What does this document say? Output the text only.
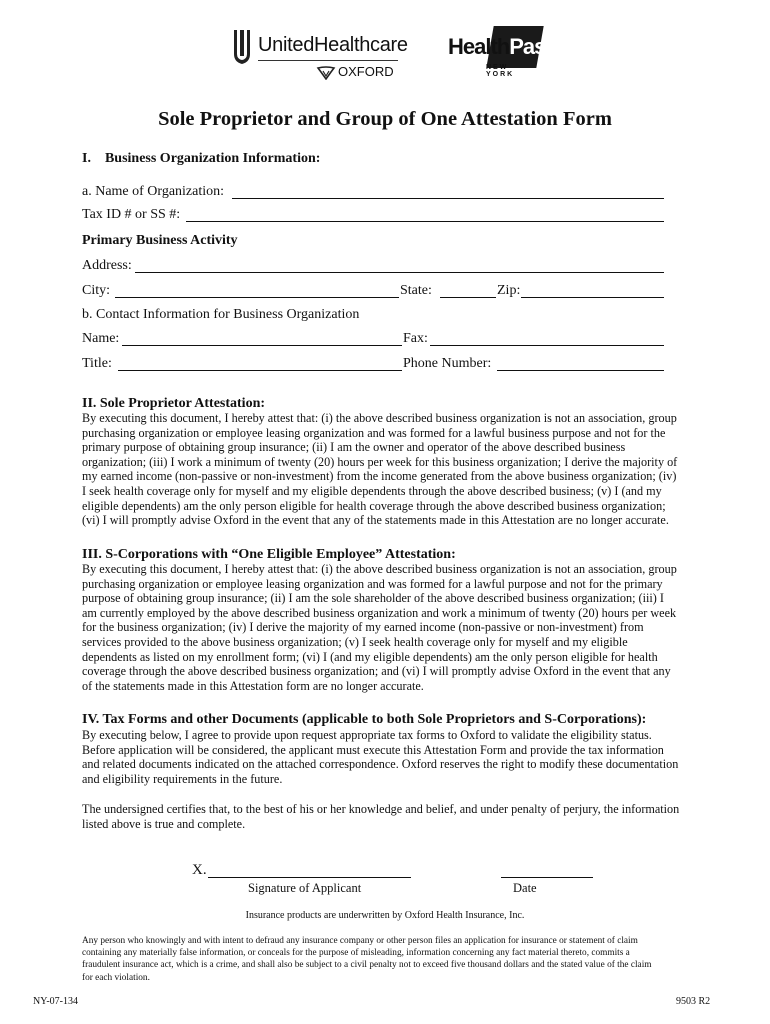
UnitedHealthcare
OXFORD
HealthPass
NEW YORK
Sole Proprietor and Group of One Attestation Form
I. Business Organization Information:
a. Name of Organization:
Tax ID # or SS #:
Primary Business Activity
Address:
City:	State:	Zip:
b. Contact Information for Business Organization
Name:	Fax:
Title:	Phone Number:
II. Sole Proprietor Attestation:
By executing this document, I hereby attest that: (i) the above described business organization is not an association, group
purchasing organization or employee leasing organization and was formed for a lawful business purpose and not for the
primary purpose of obtaining group insurance; (ii) I am the owner and operator of the above described business
organization; (iii) I work a minimum of twenty (20) hours per week for this business organization; I derive the majority of
my earned income (non-passive or non-investment) from the income generated from the above business organization; (iv)
I seek health coverage only for myself and my eligible dependents through the above described business; (v) I (and my
eligible dependents) am the only person eligible for health coverage through the above described business organization;
(vi) I will promptly advise Oxford in the event that any of the statements made in this Attestation are no longer accurate.
III. S-Corporations with “One Eligible Employee” Attestation:
By executing this document, I hereby attest that: (i) the above described business organization is not an association, group
purchasing organization or employee leasing organization and was formed for a lawful purpose and not for the primary
purpose of obtaining group insurance; (ii) I am the sole shareholder of the above described business organization; (iii) I
am currently employed by the above described business organization and work a minimum of twenty (20) hours per week
for the business organization; (iv) I derive the majority of my earned income (non-passive or non-investment) from
services provided to the above business organization; (v) I seek health coverage only for myself and my eligible
dependents as listed on my enrollment form; (vi) I (and my eligible dependents) am the only person eligible for health
coverage through the above described business organization; and (vi) I will promptly advise Oxford in the event that any
of the statements made in this Attestation form are no longer accurate.
IV. Tax Forms and other Documents (applicable to both Sole Proprietors and S-Corporations):
By executing below, I agree to provide upon request appropriate tax forms to Oxford to validate the eligibility status.
Before application will be considered, the applicant must execute this Attestation Form and provide the tax information
and related documents indicated on the attached correspondence. Oxford reserves the right to modify these documentation
and eligibility requirements in the future.
The undersigned certifies that, to the best of his or her knowledge and belief, and under penalty of perjury, the information
listed above is true and complete.
X.
Signature of Applicant	Date
Insurance products are underwritten by Oxford Health Insurance, Inc.
Any person who knowingly and with intent to defraud any insurance company or other person files an application for insurance or statement of claim
containing any materially false information, or conceals for the purpose of misleading, information concerning any fact material thereto, commits a
fraudulent insurance act, which is a crime, and shall also be subject to a civil penalty not to exceed five thousand dollars and the stated value of the claim
for each violation.
NY-07-134	9503 R2
